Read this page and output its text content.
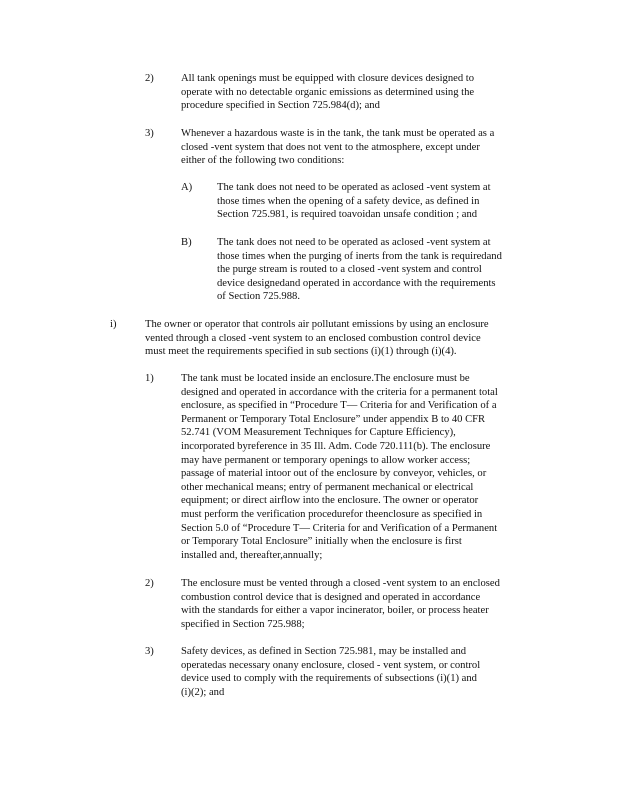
2)	All tank openings must be equipped with closure devices designed to
operate with no detectable organic emissions as determined using the
procedure specified in Section 725.984(d); and
3)	Whenever a hazardous waste is in the tank, the tank must be operated as a
closed -vent system that does not vent to the atmosphere, except under
either of the following two conditions:
A) The tank does not need to be operated as aclosed -vent system at
those times when the opening of a safety device, as defined in
Section 725.981, is required toavoidan unsafe condition ; and
B) The tank does not need to be operated as aclosed -vent system at
those times when the purging of inerts from the tank is requiredand
the purge stream is routed to a closed -vent system and control
device designedand operated in accordance with the requirements
of Section 725.988.
i)	The owner or operator that controls air pollutant emissions by using an enclosure
vented through a closed -vent system to an enclosed combustion control device
must meet the requirements specified in sub sections (i)(1) through (i)(4).
1)	The tank must be located inside an enclosure.The enclosure must be
designed and operated in accordance with the criteria for a permanent total
enclosure, as specified in “Procedure T— Criteria for and Verification of a
Permanent or Temporary Total Enclosure” under appendix B to 40 CFR
52.741 (VOM Measurement Techniques for Capture Efficiency),
incorporated byreference in 35 Ill. Adm. Code 720.111(b). The enclosure
may have permanent or temporary openings to allow worker access;
passage of material intoor out of the enclosure by conveyor, vehicles, or
other mechanical means; entry of permanent mechanical or electrical
equipment; or direct airflow into the enclosure. The owner or operator
must perform the verification procedurefor theenclosure as specified in
Section 5.0 of “Procedure T— Criteria for and Verification of a Permanent
or Temporary Total Enclosure” initially when the enclosure is first
installed and, thereafter,annually;
2)	The enclosure must be vented through a closed -vent system to an enclosed
combustion control device that is designed and operated in accordance
with the standards for either a vapor incinerator, boiler, or process heater
specified in Section 725.988;
3)	Safety devices, as defined in Section 725.981, may be installed and
operatedas necessary onany enclosure, closed - vent system, or control
device used to comply with the requirements of subsections (i)(1) and
(i)(2); and
